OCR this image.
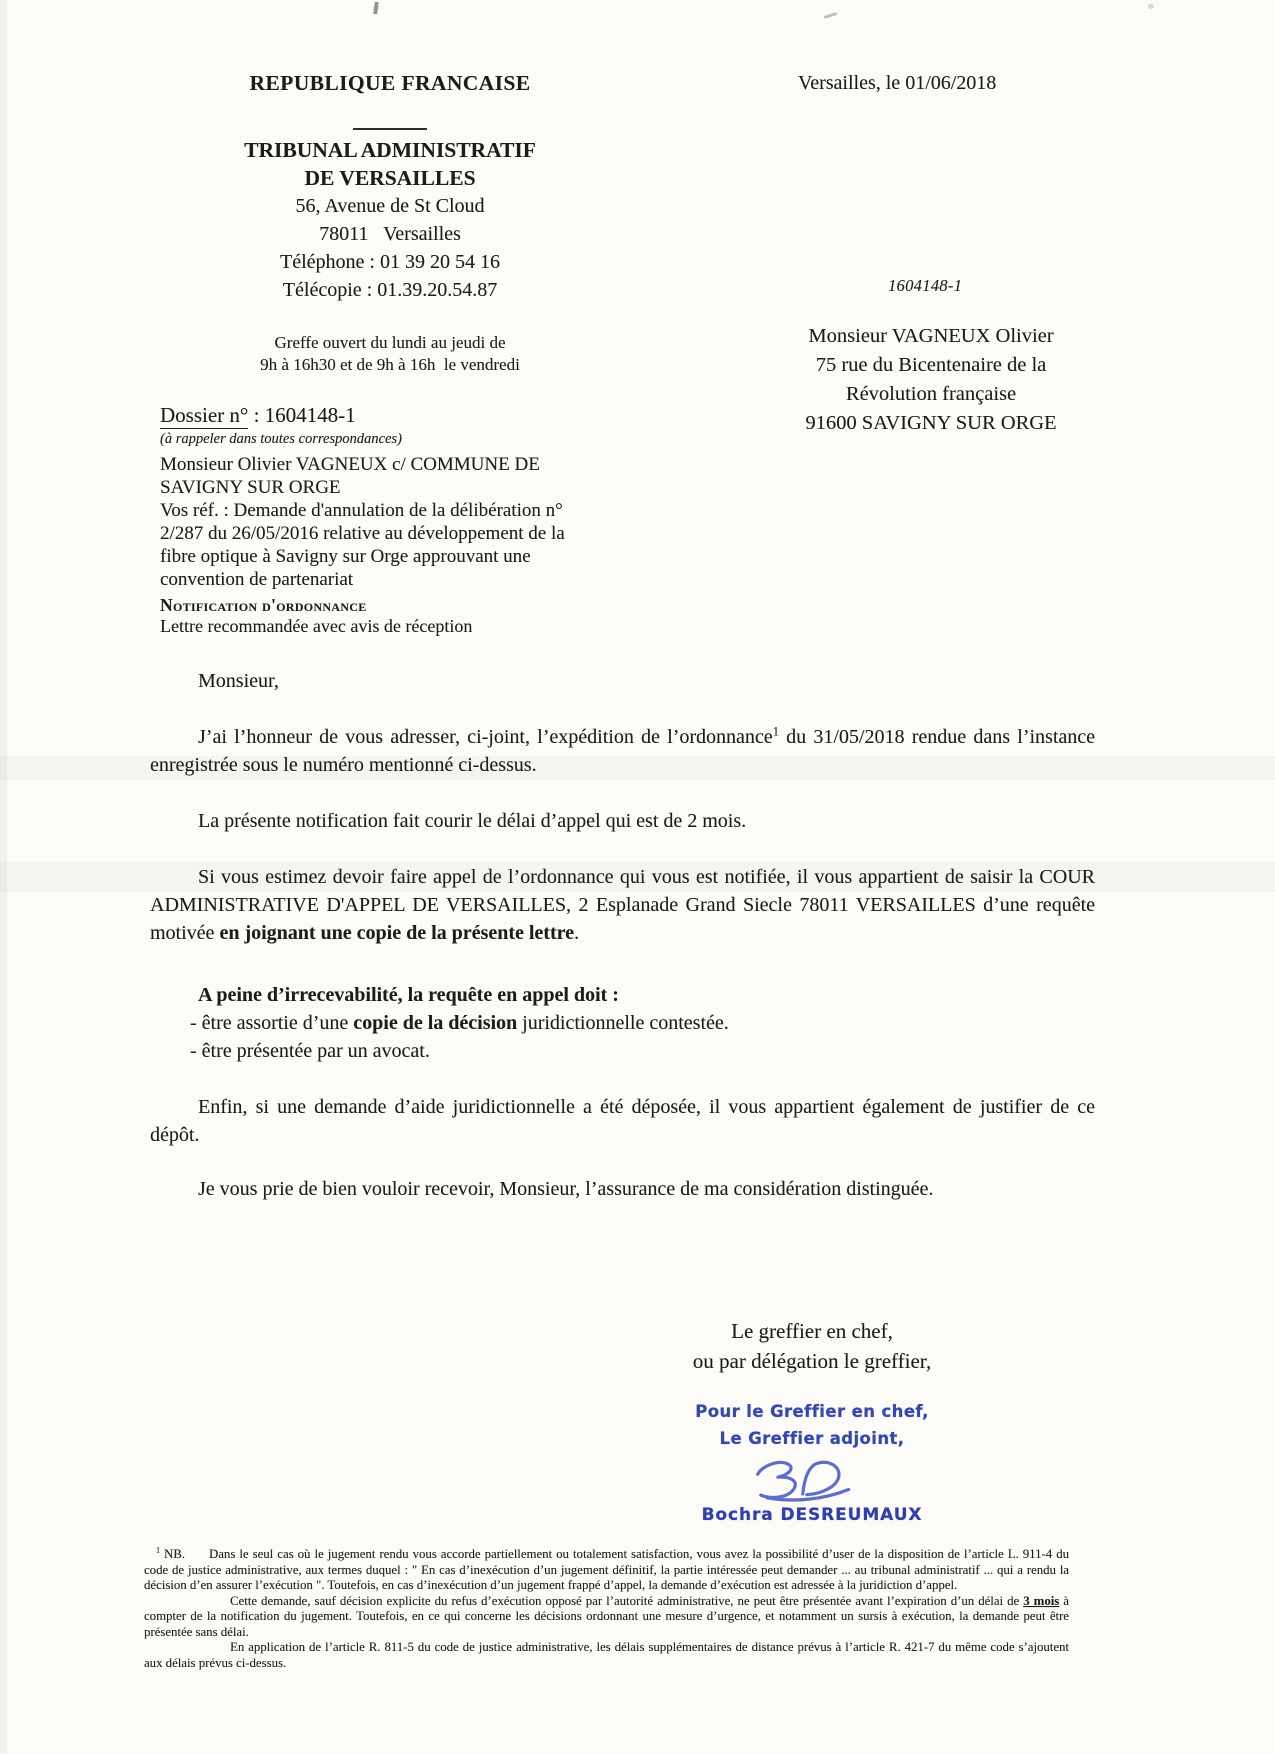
REPUBLIQUE FRANCAISE
TRIBUNAL ADMINISTRATIF
DE VERSAILLES
56, Avenue de St Cloud
78011   Versailles
Téléphone : 01 39 20 54 16
Télécopie : 01.39.20.54.87
Greffe ouvert du lundi au jeudi de
9h à 16h30 et de 9h à 16h  le vendredi
Versailles, le 01/06/2018
1604148-1
Monsieur VAGNEUX Olivier
75 rue du Bicentenaire de la
Révolution française
91600 SAVIGNY SUR ORGE
Dossier n° : 1604148-1
(à rappeler dans toutes correspondances)
Monsieur Olivier VAGNEUX c/ COMMUNE DE
SAVIGNY SUR ORGE
Vos réf. : Demande d'annulation de la délibération n°
2/287 du 26/05/2016 relative au développement de la
fibre optique à Savigny sur Orge approuvant une
convention de partenariat
Notification d'ordonnance
Lettre recommandée avec avis de réception

Monsieur,

J’ai l’honneur de vous adresser, ci-joint, l’expédition de l’ordonnance$^1$ du 31/05/2018 rendue dans l’instance enregistrée sous le numéro mentionné ci-dessus.

La présente notification fait courir le délai d’appel qui est de 2 mois.

Si vous estimez devoir faire appel de l’ordonnance qui vous est notifiée, il vous appartient de saisir la COUR ADMINISTRATIVE D'APPEL DE VERSAILLES, 2 Esplanade Grand Siecle 78011 VERSAILLES d’une requête motivée en joignant une copie de la présente lettre.

A peine d’irrecevabilité, la requête en appel doit :

- être assortie d’une copie de la décision juridictionnelle contestée.

- être présentée par un avocat.

Enfin, si une demande d’aide juridictionnelle a été déposée, il vous appartient également de justifier de ce dépôt.

Je vous prie de bien vouloir recevoir, Monsieur, l’assurance de ma considération distinguée.

Le greffier en chef,
ou par délégation le greffier,
Pour le Greffier en chef,
Le Greffier adjoint,
Bochra DESREUMAUX

$^1$ NB. Dans le seul cas où le jugement rendu vous accorde partiellement ou totalement satisfaction, vous avez la possibilité d’user de la disposition de l’article L. 911-4 du code de justice administrative, aux termes duquel : " En cas d’inexécution d’un jugement définitif, la partie intéressée peut demander ... au tribunal administratif ... qui a rendu la décision d’en assurer l’exécution ". Toutefois, en cas d’inexécution d’un jugement frappé d’appel, la demande d’exécution est adressée à la juridiction d’appel.

Cette demande, sauf décision explicite du refus d’exécution opposé par l’autorité administrative, ne peut être présentée avant l’expiration d’un délai de 3 mois à compter de la notification du jugement. Toutefois, en ce qui concerne les décisions ordonnant une mesure d’urgence, et notamment un sursis à exécution, la demande peut être présentée sans délai.

En application de l’article R. 811-5 du code de justice administrative, les délais supplémentaires de distance prévus à l’article R. 421-7 du même code s’ajoutent aux délais prévus ci-dessus.
